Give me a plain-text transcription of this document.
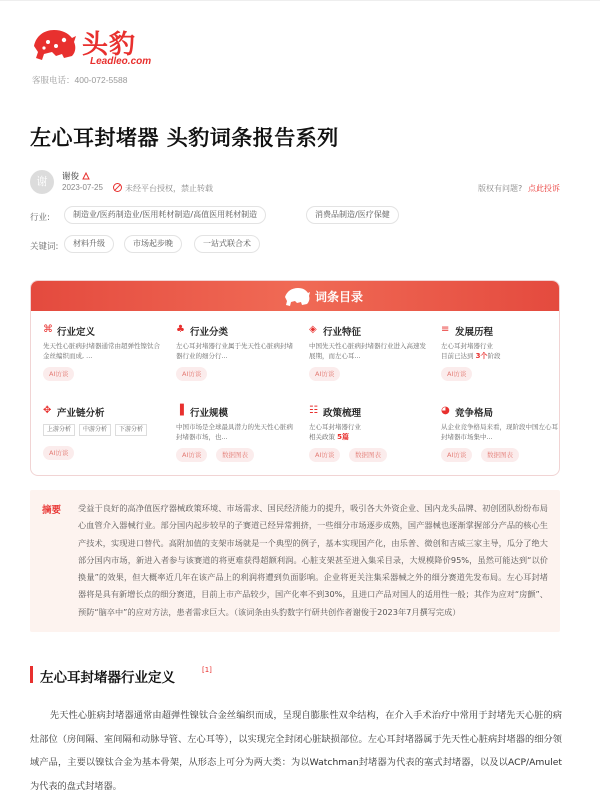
头豹
Leadleo.com
客服电话：400-072-5588
左心耳封堵器 头豹词条报告系列
谢	谢俊
2023-07-25	未经平台授权，禁止转载	版权有问题? 点此投诉
行业:	制造业/医药制造业/医用耗材制造/高值医用耗材制造	消费品制造/医疗保健
关键词:	材料升级	市场起步晚	一站式联合术
词条目录
⌘ 行业定义
先天性心脏病封堵器通常由超弹性镍钛合金丝编织而成, ...
AI访谈
♣ 行业分类
左心耳封堵器行业属于先天性心脏病封堵器行业的细分行...
AI访谈
◈ 行业特征
中国先天性心脏病封堵器行业进入高速发展期，而左心耳...
AI访谈
≡ 发展历程
左心耳封堵器行业
目前已达到 3个阶段
AI访谈
✥ 产业链分析
上游分析	中游分析	下游分析
AI访谈
▐ 行业规模
中国市场是全球最具潜力的先天性心脏病封堵器市场，也...
AI访谈	数据图表
☷ 政策梳理
左心耳封堵器行业
相关政策 5篇
AI访谈	数据图表
◕ 竞争格局
从企业竞争格局来看，现阶段中国左心耳封堵器市场集中...
AI访谈	数据图表
摘要 受益于良好的高净值医疗器械政策环境、市场需求、国民经济能力的提升，吸引各大外资企业、国内龙头品牌、初创团队纷纷布局心血管介入器械行业。部分国内起步较早的子赛道已经异常拥挤，一些细分市场逐步成熟，国产器械也逐渐掌握部分产品的核心生产技术，实现进口替代。高附加值的支架市场就是一个典型的例子，基本实现国产化，由乐普、微创和吉威三家主导，瓜分了绝大部分国内市场，新进入者参与该赛道的将更难获得超额利润。心脏支架甚至进入集采目录，大规模降价95%，虽然可能达到“以价换量”的效果，但大概率近几年在该产品上的利润将遭到负面影响。企业将更关注集采器械之外的细分赛道先发布局。左心耳封堵器将是具有新增长点的细分赛道，目前上市产品较少，国产化率不到30%，且进口产品对国人的适用性一般；其作为应对“房颤”、预防“脑卒中”的应对方法，患者需求巨大。（该词条由头豹数字行研共创作者谢俊于2023年7月撰写完成）
左心耳封堵器行业定义	[1]

先天性心脏病封堵器通常由超弹性镍钛合金丝编织而成，呈现自膨胀性双伞结构，在介入手术治疗中常用于封堵先天心脏的病灶部位（房间隔、室间隔和动脉导管、左心耳等），以实现完全封闭心脏缺损部位。左心耳封堵器属于先天性心脏病封堵器的细分领域产品，主要以镍钛合金为基本骨架，从形态上可分为两大类：为以Watchman封堵器为代表的塞式封堵器，以及以ACP/Amulet为代表的盘式封堵器。
